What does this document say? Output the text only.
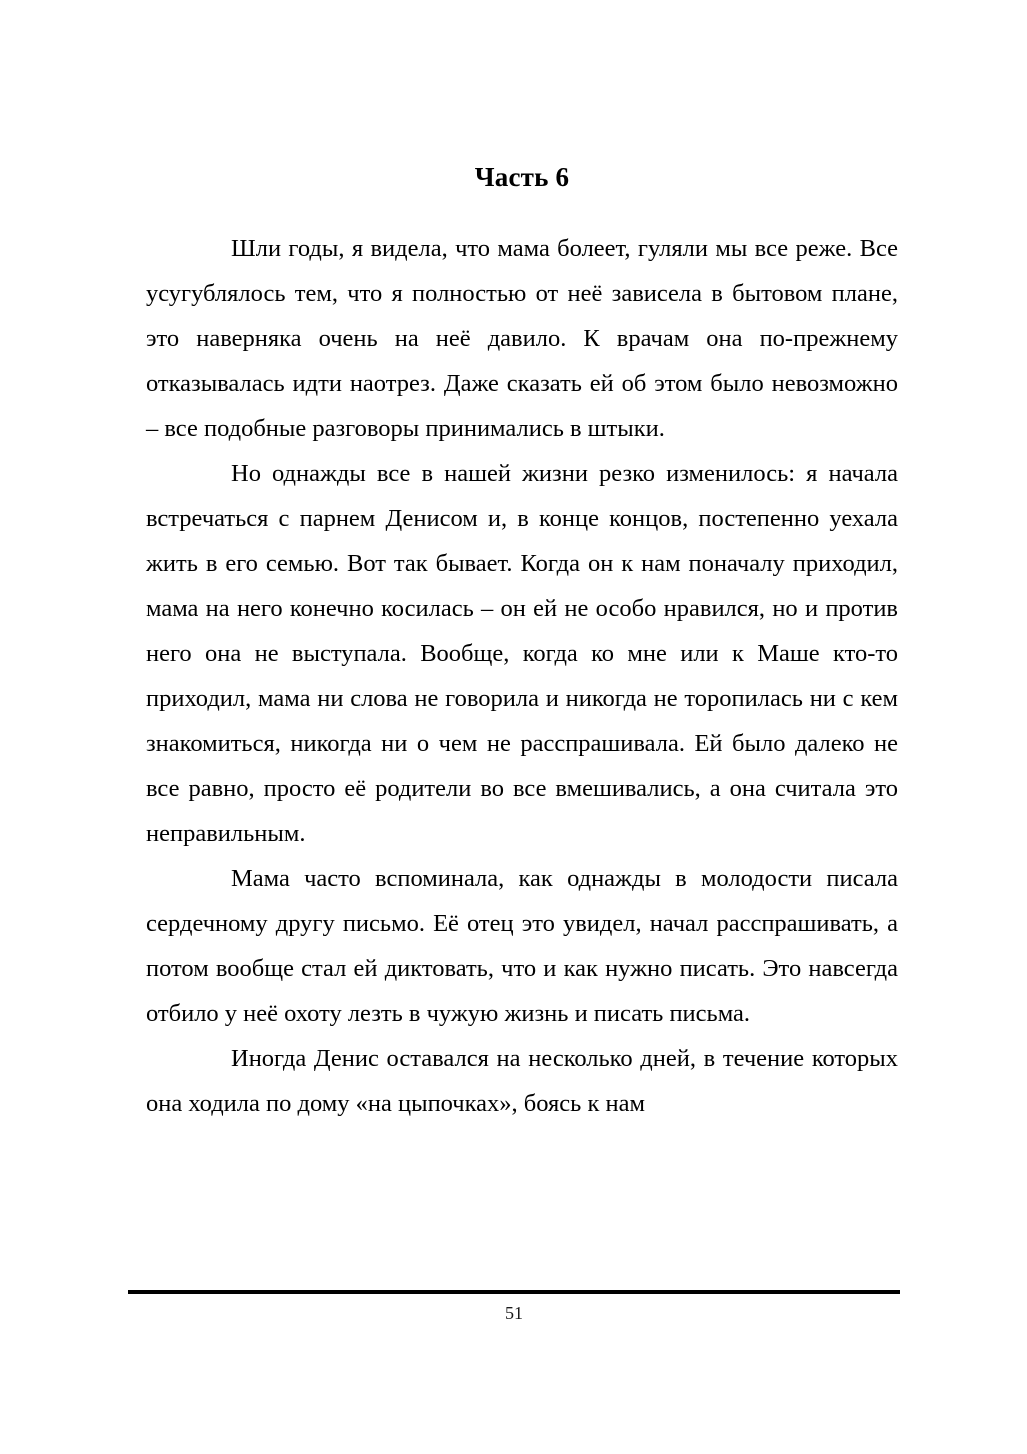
Часть 6

Шли годы, я видела, что мама болеет, гуляли мы все реже. Все усугублялось тем, что я полностью от неё зависела в бытовом плане, это наверняка очень на неё давило. К врачам она по-прежнему отказывалась идти наотрез. Даже сказать ей об этом было невозможно – все подобные разговоры принимались в штыки.

Но однажды все в нашей жизни резко изменилось: я начала встречаться с парнем Денисом и, в конце концов, постепенно уехала жить в его семью. Вот так бывает. Когда он к нам поначалу приходил, мама на него конечно косилась – он ей не особо нравился, но и против него она не выступала. Вообще, когда ко мне или к Маше кто-то приходил, мама ни слова не говорила и никогда не торопилась ни с кем знакомиться, никогда ни о чем не расспрашивала. Ей было далеко не все равно, просто её родители во все вмешивались, а она считала это неправильным.

Мама часто вспоминала, как однажды в молодости писала сердечному другу письмо. Её отец это увидел, начал расспрашивать, а потом вообще стал ей диктовать, что и как нужно писать. Это навсегда отбило у неё охоту лезть в чужую жизнь и писать письма.

Иногда Денис оставался на несколько дней, в течение которых она ходила по дому «на цыпочках», боясь к нам

51
